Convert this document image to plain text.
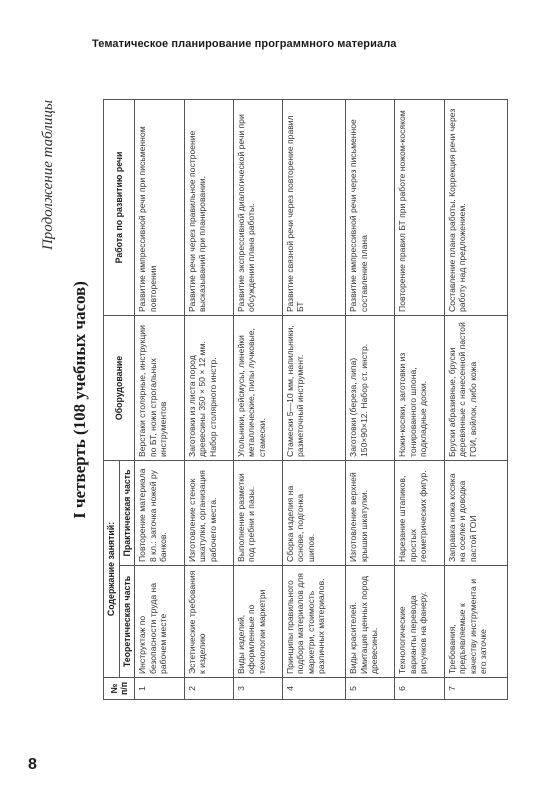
Тематическое планирование программного материала
Продолжение таблицы
I четверть (108 учебных часов)
№ п/п	Содержание занятий:		Оборудование	Работа по развитию речи
	Теоретическая часть	Практическая часть		
1	Инструктаж по безопасности труда на рабочем месте	Повторение материала 8 кл.: заточка ножей ру банков.	Верстаки столярные, инструкции по БТ, ножи строгальных инструментов	Развитие импрессивной речи при письменном повторении
2	Эстетические требования к изделию	Изготовление стенок шкатулки, организация рабочего места.	Заготовки из листа пород древесины 350 × 50 × 12 мм. Набор столярного инстр.	Развитие речи через правильное построение высказываний при планировании.
3	Виды изделий, оформленные по технологии маркетри	Выполнение разметки под гребни и пазы.	Угольники, рейсмусы, линейки металлические, пилы лучковые, стамески.	Развитие экспрессивной диалогической речи при обсуждении плана работы.
4	Принципы правильного подбора материалов для маркетри, стоимость различных материалов.	Сборка изделия на основе, подгонка шипов.	Стамески 5—10 мм, напильники, разметочный инструмент.	Развитие связной речи через повторение правил БТ
5	Виды красителей. Имитация ценных пород древесины.	Изготовление верхней крышки шкатулки.	Заготовки (береза, липа) 150×90×12. Набор ст. инстр.	Развитие импрессивной речи через письменное составление плана
6	Технологические варианты перевода рисунков на фанеру.	Нарезание штапиков, простых геометрических фигур.	Ножи-косяки, заготовки из тонированного шпона, подкладные доски.	Повторение правил БТ при работе ножом-косяком
7	Требования, предъявляемые к качеству инструмента и его заточке	Заправка ножа косяка на оселке и доводка пастой ГОИ	Бруски абразивные, бруски деревянные с нанесенной пастой ГОИ, войлок, либо кожа	Составление плана работы. Коррекция речи через работу над предложением.
8
